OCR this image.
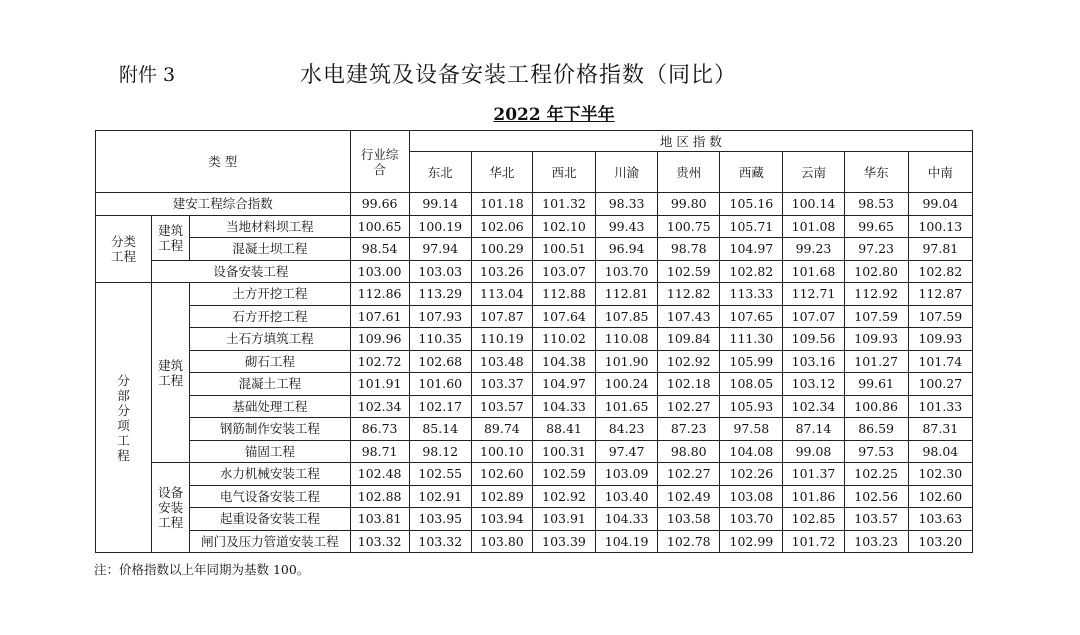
附件 3	水电建筑及设备安装工程价格指数（同比）
2022 年下半年
类 型			行业综合	地 区 指 数								
				东北	华北	西北	川渝	贵州	西藏	云南	华东	中南
建安工程综合指数			99.66	99.14	101.18	101.32	98.33	99.80	105.16	100.14	98.53	99.04
分类工程	建筑工程	当地材料坝工程	100.65	100.19	102.06	102.10	99.43	100.75	105.71	101.08	99.65	100.13
		混凝土坝工程	98.54	97.94	100.29	100.51	96.94	98.78	104.97	99.23	97.23	97.81
	设备安装工程		103.00	103.03	103.26	103.07	103.70	102.59	102.82	101.68	102.80	102.82
分部分项工程	建筑工程	土方开挖工程	112.86	113.29	113.04	112.88	112.81	112.82	113.33	112.71	112.92	112.87
		石方开挖工程	107.61	107.93	107.87	107.64	107.85	107.43	107.65	107.07	107.59	107.59
		土石方填筑工程	109.96	110.35	110.19	110.02	110.08	109.84	111.30	109.56	109.93	109.93
		砌石工程	102.72	102.68	103.48	104.38	101.90	102.92	105.99	103.16	101.27	101.74
		混凝土工程	101.91	101.60	103.37	104.97	100.24	102.18	108.05	103.12	99.61	100.27
		基础处理工程	102.34	102.17	103.57	104.33	101.65	102.27	105.93	102.34	100.86	101.33
		钢筋制作安装工程	86.73	85.14	89.74	88.41	84.23	87.23	97.58	87.14	86.59	87.31
		锚固工程	98.71	98.12	100.10	100.31	97.47	98.80	104.08	99.08	97.53	98.04
	设备安装工程	水力机械安装工程	102.48	102.55	102.60	102.59	103.09	102.27	102.26	101.37	102.25	102.30
		电气设备安装工程	102.88	102.91	102.89	102.92	103.40	102.49	103.08	101.86	102.56	102.60
		起重设备安装工程	103.81	103.95	103.94	103.91	104.33	103.58	103.70	102.85	103.57	103.63
		闸门及压力管道安装工程	103.32	103.32	103.80	103.39	104.19	102.78	102.99	101.72	103.23	103.20
注：价格指数以上年同期为基数 100。
